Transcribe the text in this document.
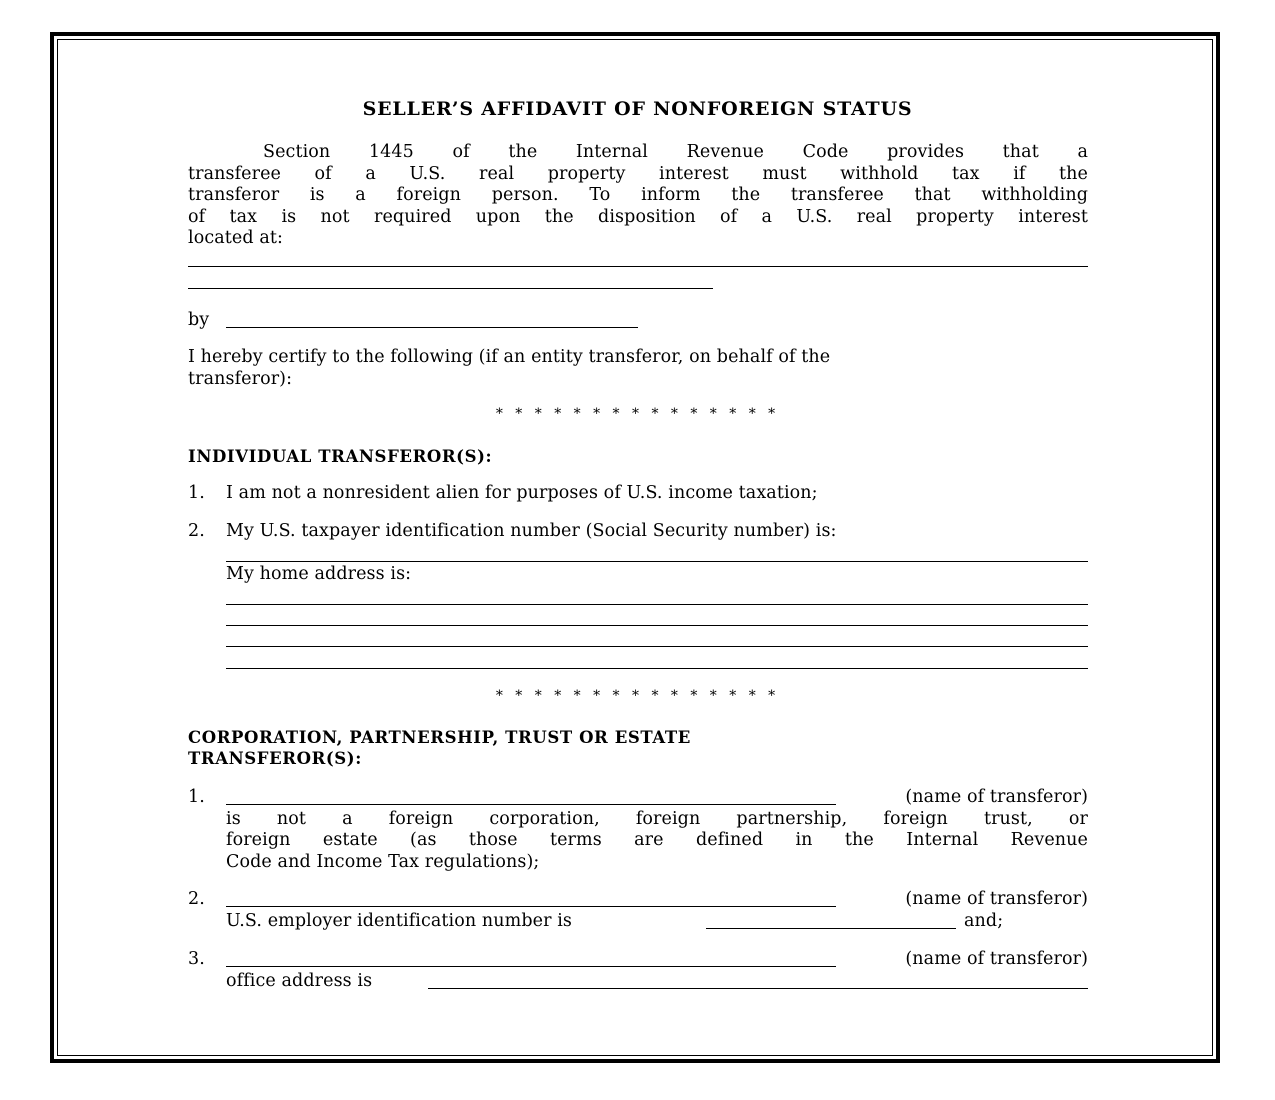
SELLER’S AFFIDAVIT OF NONFOREIGN STATUS
Section 1445 of the Internal Revenue Code provides that a
transferee of a U.S. real property interest must withhold tax if the
transferor is a foreign person. To inform the transferee that withholding
of tax is not required upon the disposition of a U.S. real property interest
located at:
by
I hereby certify to the following (if an entity transferor, on behalf of the
transferor):
* * * * * * * * * * * * * * *
INDIVIDUAL TRANSFEROR(S):
1. I am not a nonresident alien for purposes of U.S. income taxation;
2. My U.S. taxpayer identification number (Social Security number) is:
My home address is:
* * * * * * * * * * * * * * *
CORPORATION, PARTNERSHIP, TRUST OR ESTATE
TRANSFEROR(S):
1.	(name of transferor)
is not a foreign corporation, foreign partnership, foreign trust, or
foreign estate (as those terms are defined in the Internal Revenue
Code and Income Tax regulations);
2.	(name of transferor)
U.S. employer identification number is	and;
3.	(name of transferor)
office address is
